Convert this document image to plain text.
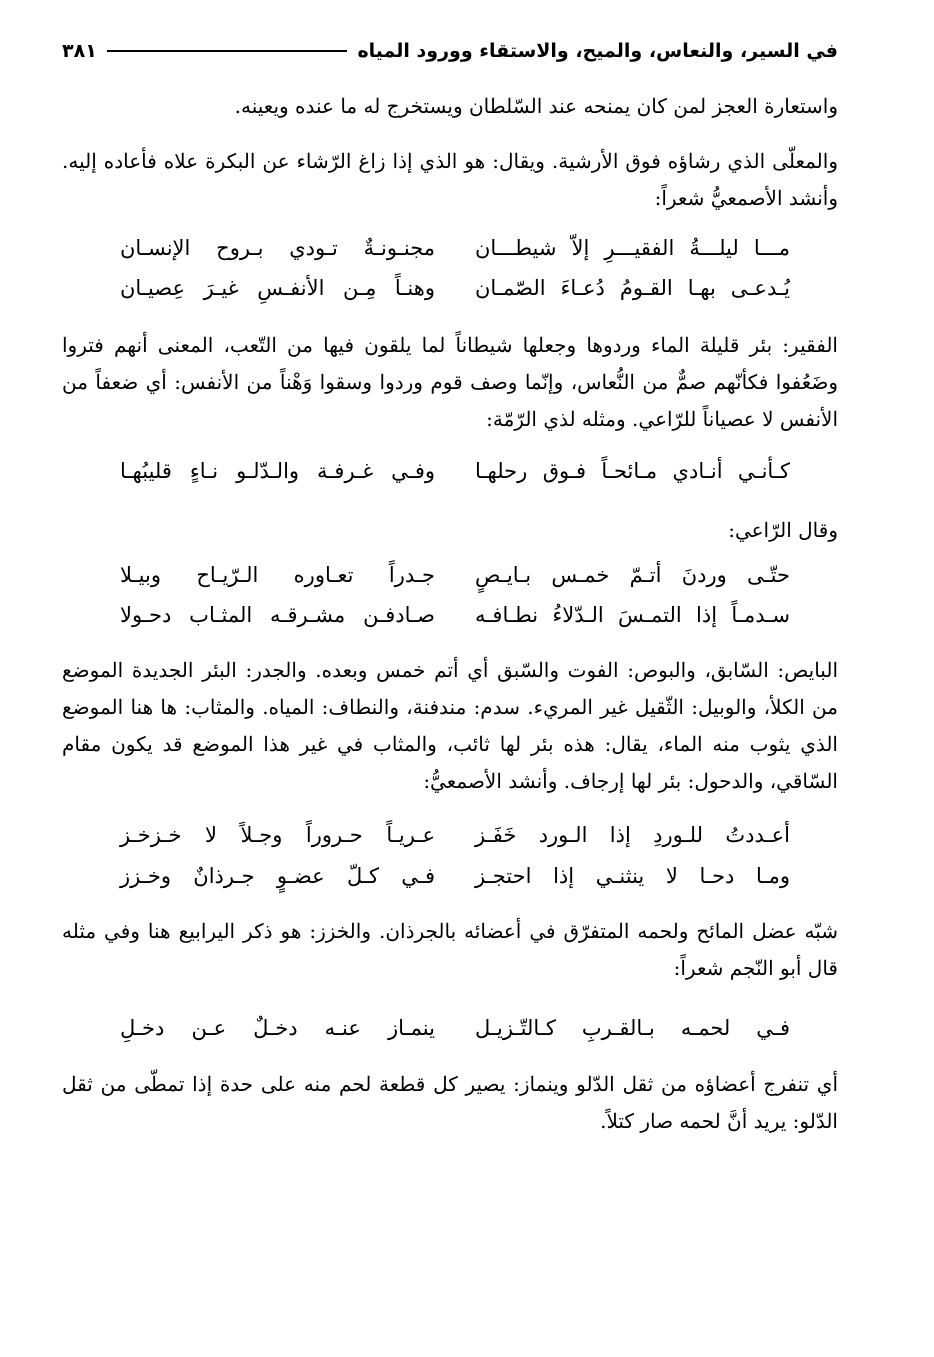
في السير، والنعاس، والميح، والاستقاء وورود المياه
٣٨١

واستعارة العجز لمن كان يمنحه عند السّلطان ويستخرج له ما عنده ويعينه.

والمعلّى الذي رشاؤه فوق الأرشية. ويقال: هو الذي إذا زاغ الرّشاء عن البكرة علاه فأعاده إليه. وأنشد الأصمعيُّ شعراً:

مـــا ليلـــةُ الفقيـــرِ إلاّ شيطـــان
مجنـونـةٌ تـودي بـروح الإنسـان
يُـدعـى بهـا القـومُ دُعـاءَ الصّمـان
وهنـاً مِـن الأنفـسِ غيـرَ عِصيـان

الفقير: بئر قليلة الماء وردوها وجعلها شيطاناً لما يلقون فيها من التّعب، المعنى أنهم فتروا وضَعُفوا فكأنّهم صمٌّ من النُّعاس، وإنّما وصف قوم وردوا وسقوا وَهْناً من الأنفس: أي ضعفاً من الأنفس لا عصياناً للرّاعي. ومثله لذي الرّمّة:

كـأنـي أنـادي مـائحـاً فـوق رحلهـا
وفـي غـرفـة والـدّلـو نـاءٍ قليبُهـا

وقال الرّاعي:

حتّـى وردنَ أتـمّ خمـس بـايـصٍ
جـدراً تعـاوره الـرّيـاح وبيـلا
سـدمـاً إذا التمـسَ الـدّلاءُ نطـافـه
صـادفـن مشـرقـه المثـاب دحـولا

البايص: السّابق، والبوص: الفوت والسّبق أي أتم خمس وبعده. والجدر: البئر الجديدة الموضع من الكلأ، والوبيل: الثّقيل غير المريء. سدم: مندفنة، والنطاف: المياه. والمثاب: ها هنا الموضع الذي يثوب منه الماء، يقال: هذه بئر لها ثائب، والمثاب في غير هذا الموضع قد يكون مقام السّاقي، والدحول: بئر لها إرجاف. وأنشد الأصمعيُّ:

أعـددتُ للـوردِ إذا الـورد خَفَـز
عـريـاً حـروراً وجـلاً لا خـزخـز
ومـا دحـا لا ينثنـي إذا احتجـز
فـي كـلّ عضـوٍ جـرذانٌ وخـزز

شبّه عضل المائح ولحمه المتفرّق في أعضائه بالجرذان. والخزز: هو ذكر اليرابيع هنا وفي مثله قال أبو النّجم شعراً:

فـي لحمـه بـالقـربِ كـالتّـزيـل
ينمـاز عنـه دخـلٌ عـن دخـلِ

أي تنفرج أعضاؤه من ثقل الدّلو وينماز: يصير كل قطعة لحم منه على حدة إذا تمطّى من ثقل الدّلو: يريد أنَّ لحمه صار كتلاً.
